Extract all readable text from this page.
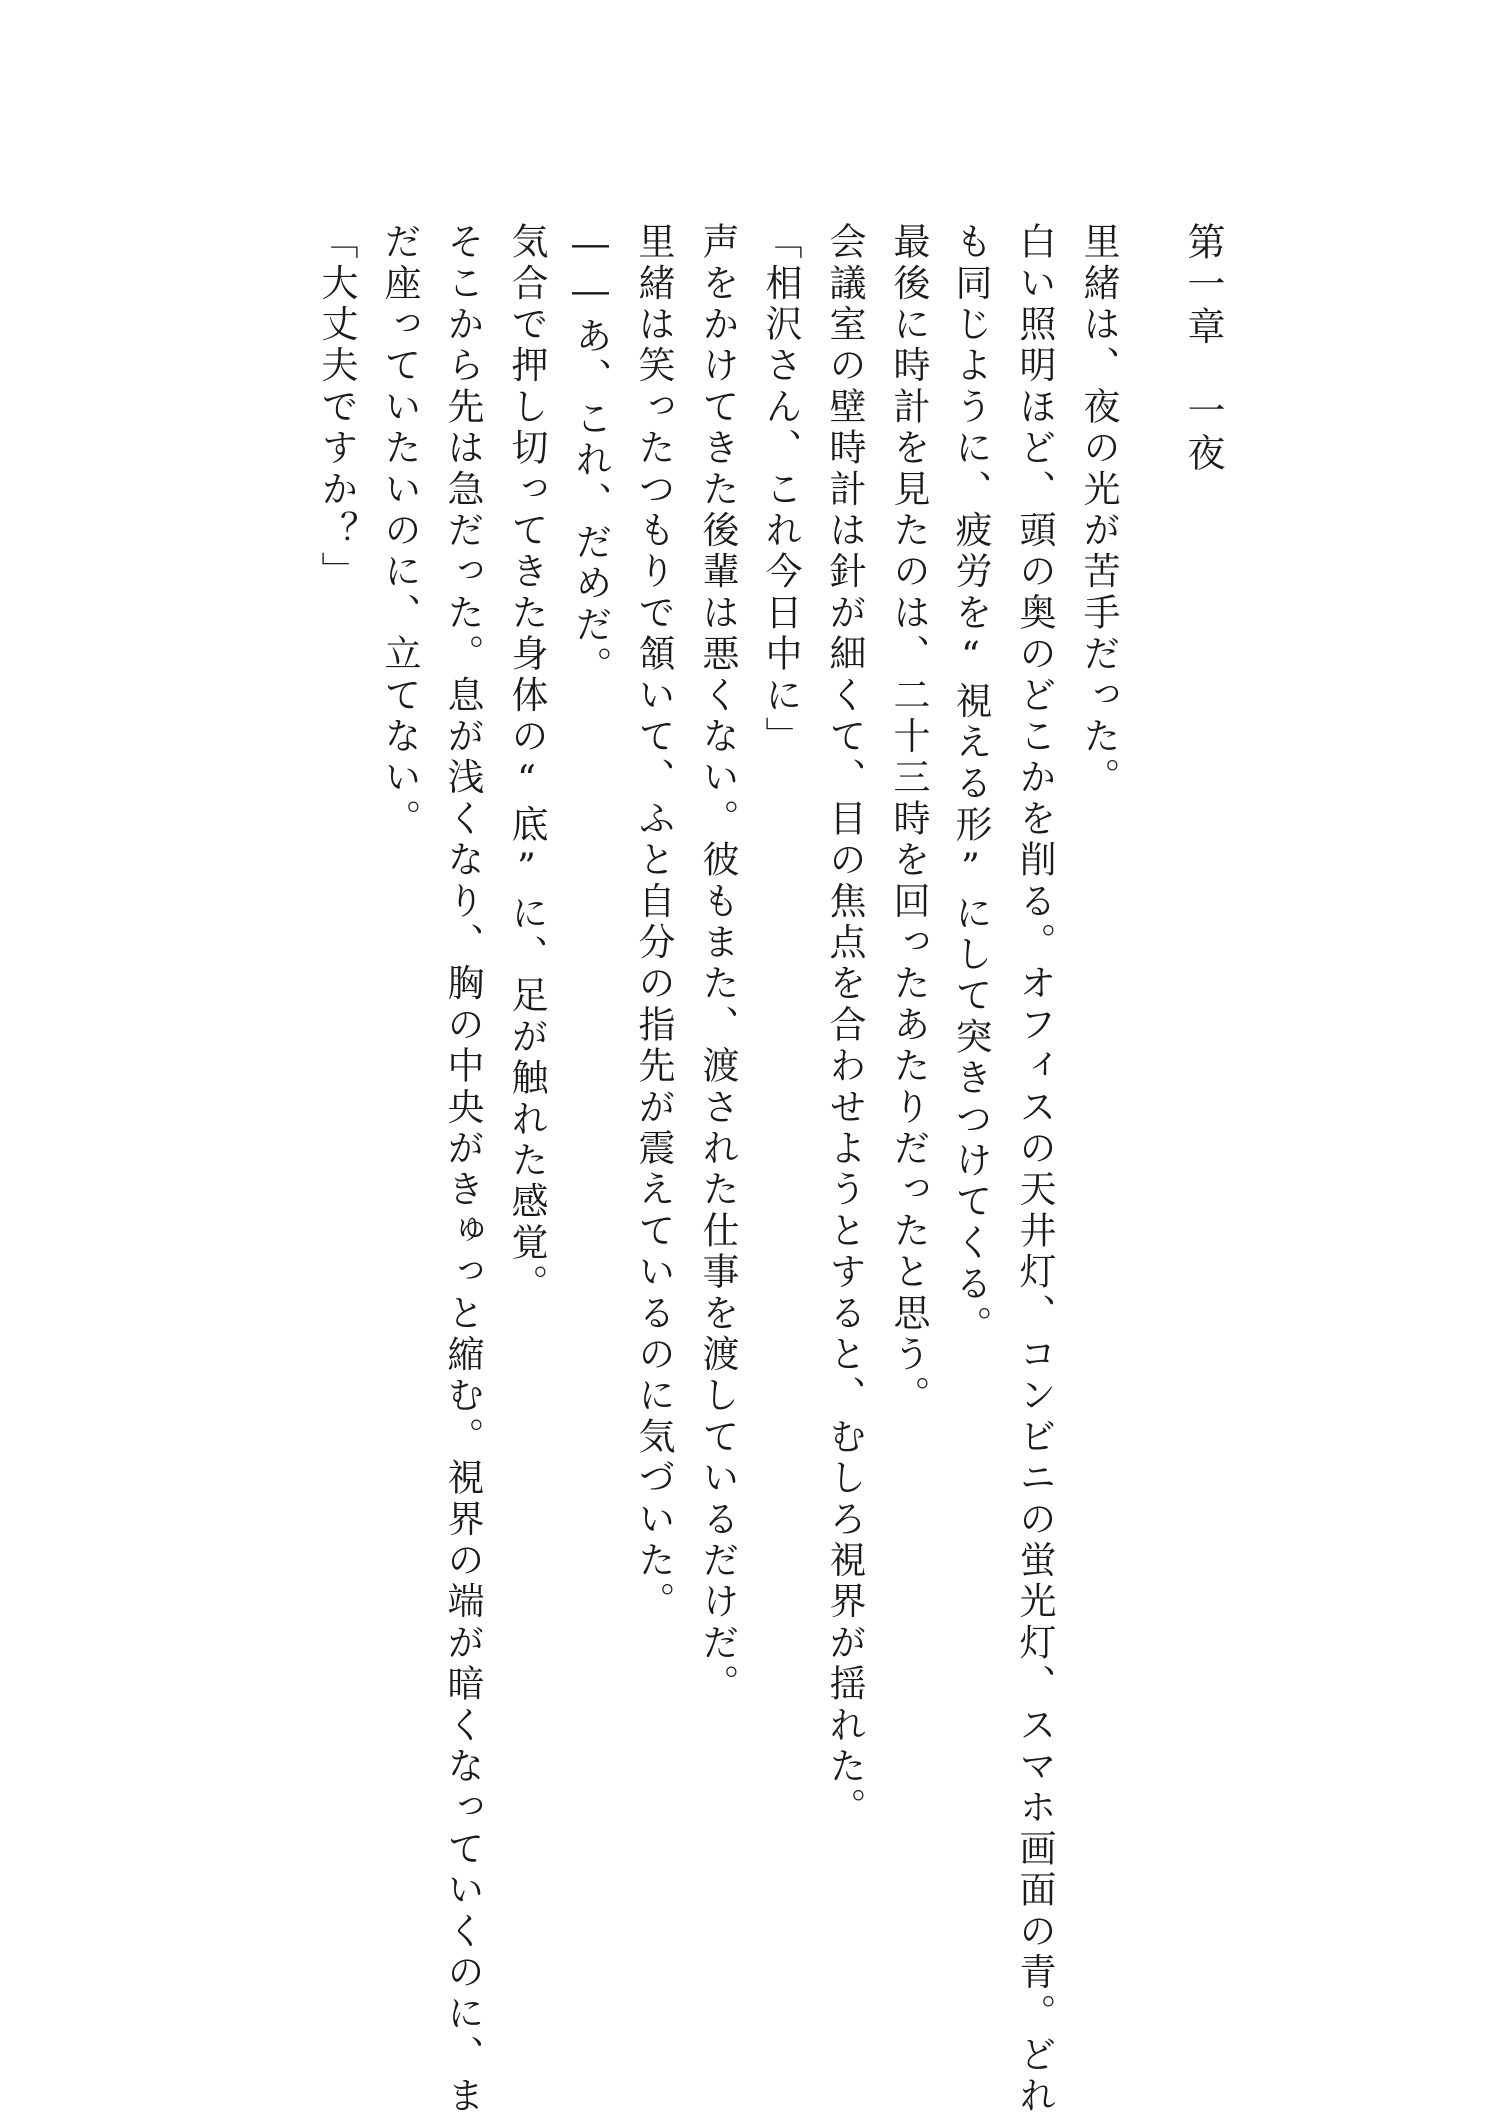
第一章　一夜
里緒は、夜の光が苦手だった。
白い照明ほど、頭の奥のどこかを削る。オフィスの天井灯、コンビニの蛍光灯、スマホ画面の青。どれ
も同じように、疲労を“視える形”にして突きつけてくる。
最後に時計を見たのは、二十三時を回ったあたりだったと思う。
会議室の壁時計は針が細くて、目の焦点を合わせようとすると、むしろ視界が揺れた。
「相沢さん、これ今日中に」
声をかけてきた後輩は悪くない。彼もまた、渡された仕事を渡しているだけだ。
里緒は笑ったつもりで頷いて、ふと自分の指先が震えているのに気づいた。
――あ、これ、だめだ。
気合で押し切ってきた身体の“底”に、足が触れた感覚。
そこから先は急だった。息が浅くなり、胸の中央がきゅっと縮む。視界の端が暗くなっていくのに、ま
だ座っていたいのに、立てない。
「大丈夫ですか？」
